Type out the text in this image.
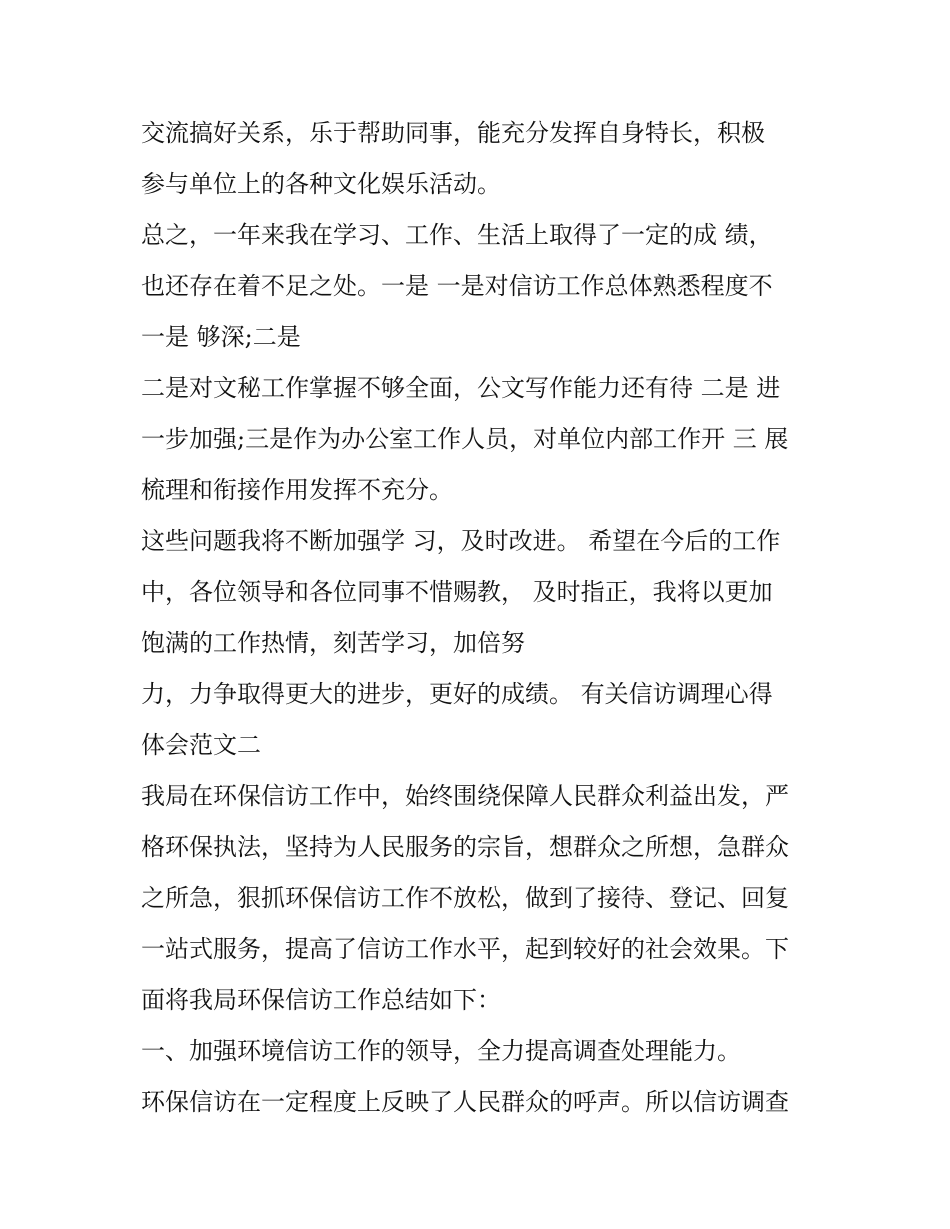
交流搞好关系，乐于帮助同事，能充分发挥自身特长，积极

参与单位上的各种文化娱乐活动。

总之，一年来我在学习、工作、生活上取得了一定的成 绩，

也还存在着不足之处。一是 一是对信访工作总体熟悉程度不

一是 够深;二是

二是对文秘工作掌握不够全面，公文写作能力还有待 二是 进

一步加强;三是作为办公室工作人员，对单位内部工作开 三 展

梳理和衔接作用发挥不充分。

这些问题我将不断加强学 习，及时改进。 希望在今后的工作

中，各位领导和各位同事不惜赐教， 及时指正，我将以更加

饱满的工作热情，刻苦学习，加倍努

力，力争取得更大的进步，更好的成绩。 有关信访调理心得

体会范文二

我局在环保信访工作中，始终围绕保障人民群众利益出发，严

格环保执法，坚持为人民服务的宗旨，想群众之所想，急群众

之所急，狠抓环保信访工作不放松，做到了接待、登记、回复

一站式服务，提高了信访工作水平，起到较好的社会效果。下

面将我局环保信访工作总结如下：

一、加强环境信访工作的领导，全力提高调查处理能力。

环保信访在一定程度上反映了人民群众的呼声。所以信访调查
